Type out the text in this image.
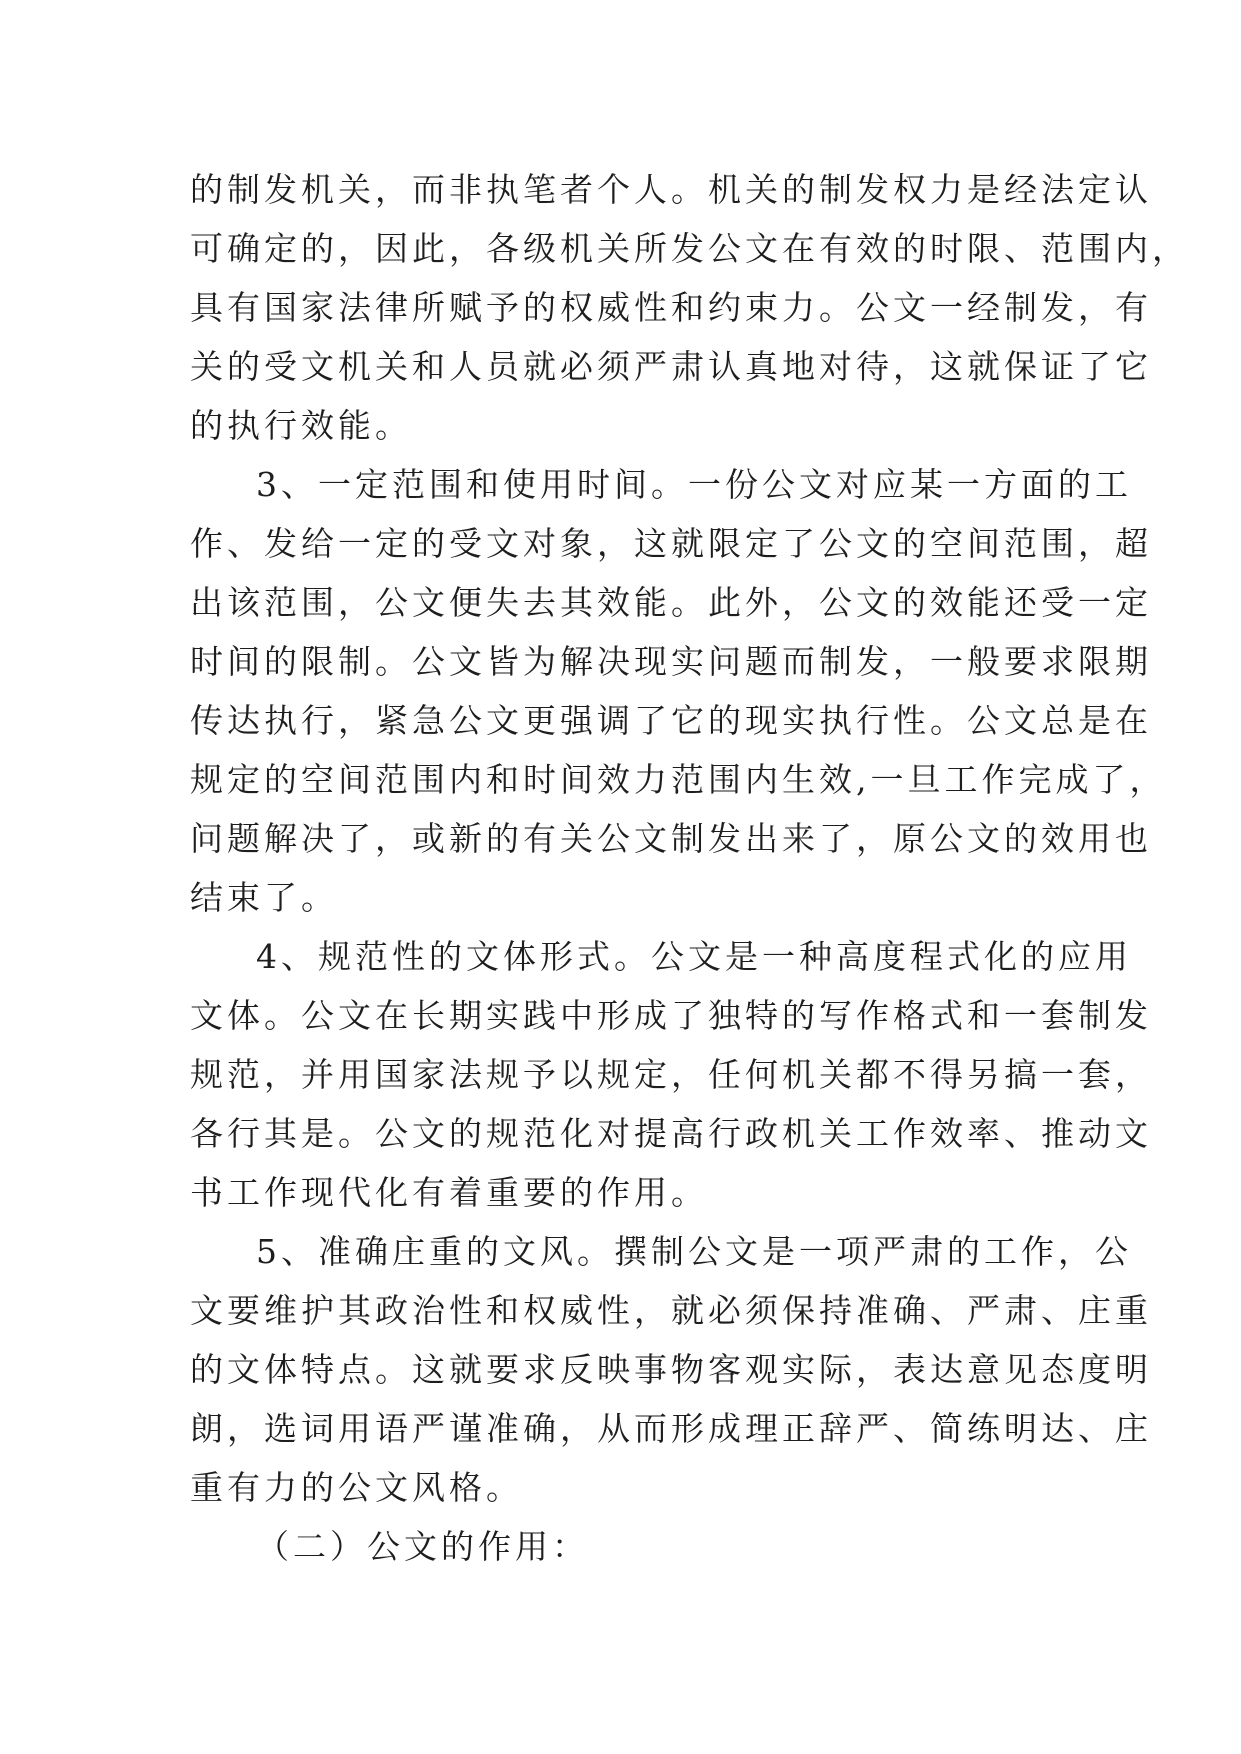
的制发机关，而非执笔者个人。机关的制发权力是经法定认
可确定的，因此，各级机关所发公文在有效的时限、范围内，
具有国家法律所赋予的权威性和约束力。公文一经制发，有
关的受文机关和人员就必须严肃认真地对待，这就保证了它
的执行效能。
3、一定范围和使用时间。一份公文对应某一方面的工
作、发给一定的受文对象，这就限定了公文的空间范围，超
出该范围，公文便失去其效能。此外，公文的效能还受一定
时间的限制。公文皆为解决现实问题而制发，一般要求限期
传达执行，紧急公文更强调了它的现实执行性。公文总是在
规定的空间范围内和时间效力范围内生效,一旦工作完成了，
问题解决了，或新的有关公文制发出来了，原公文的效用也
结束了。
4、规范性的文体形式。公文是一种高度程式化的应用
文体。公文在长期实践中形成了独特的写作格式和一套制发
规范，并用国家法规予以规定，任何机关都不得另搞一套，
各行其是。公文的规范化对提高行政机关工作效率、推动文
书工作现代化有着重要的作用。
5、准确庄重的文风。撰制公文是一项严肃的工作，公
文要维护其政治性和权威性，就必须保持准确、严肃、庄重
的文体特点。这就要求反映事物客观实际，表达意见态度明
朗，选词用语严谨准确，从而形成理正辞严、简练明达、庄
重有力的公文风格。
（二）公文的作用：
